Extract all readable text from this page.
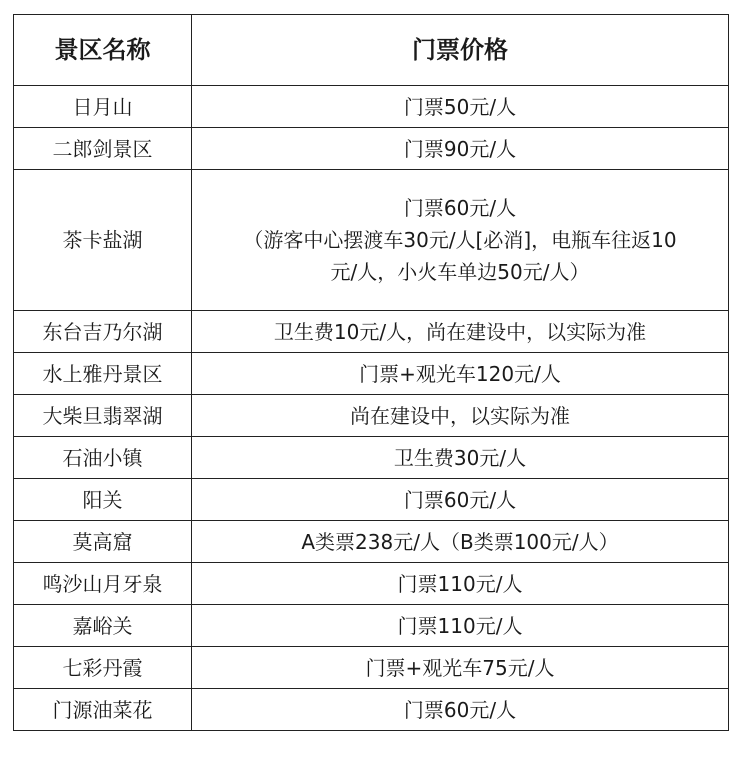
景区名称	门票价格
日月山	门票50元/人
二郎剑景区	门票90元/人
茶卡盐湖	门票60元/人
（游客中心摆渡车30元/人[必消]，电瓶车往返10
元/人，小火车单边50元/人）

东台吉乃尔湖	卫生费10元/人，尚在建设中，以实际为准
水上雅丹景区	门票+观光车120元/人
大柴旦翡翠湖	尚在建设中，以实际为准
石油小镇	卫生费30元/人
阳关	门票60元/人
莫高窟	A类票238元/人（B类票100元/人）
鸣沙山月牙泉	门票110元/人
嘉峪关	门票110元/人
七彩丹霞	门票+观光车75元/人
门源油菜花	门票60元/人
